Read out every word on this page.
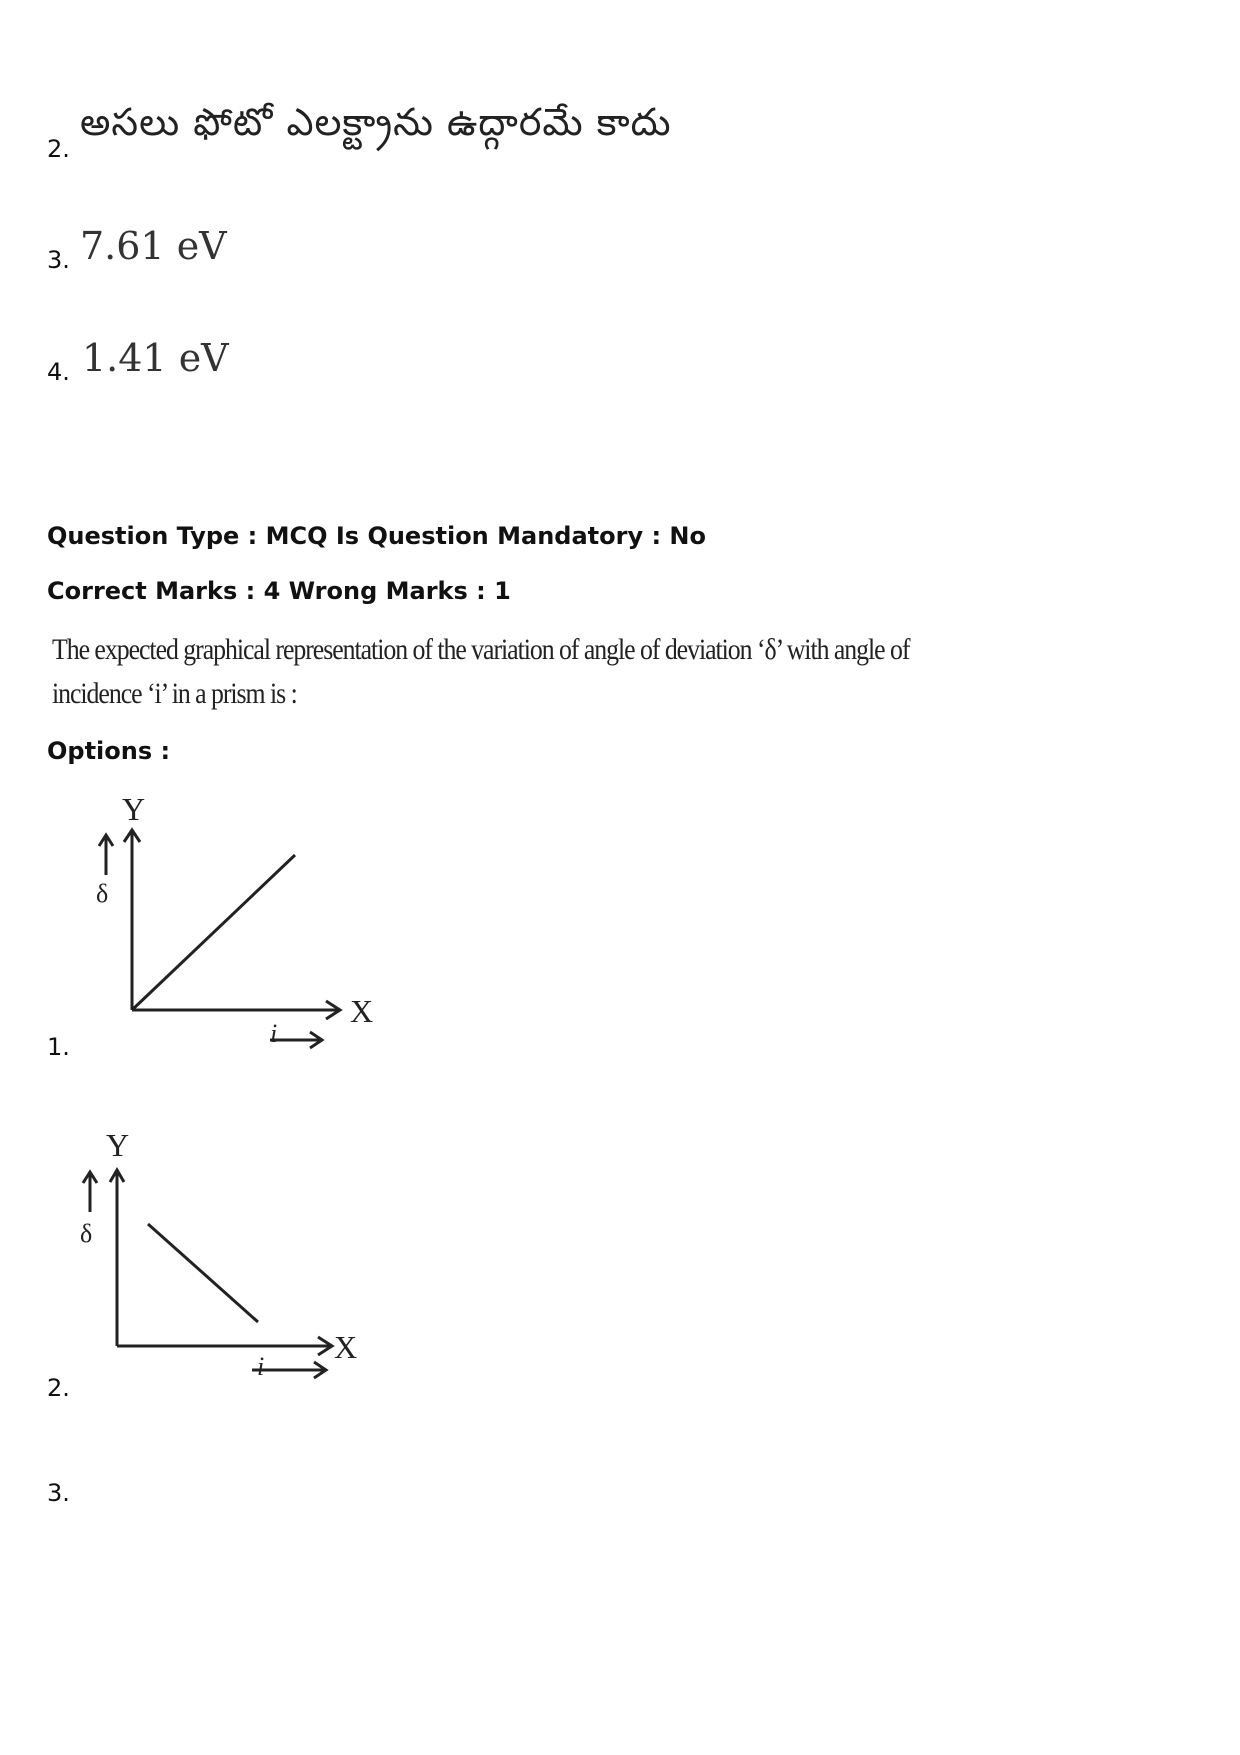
2.
అసలు ఫోటో ఎలక్ట్రాను ఉద్గారమే కాదు
3. 7.61 eV
4. 1.41 eV
Question Type : MCQ Is Question Mandatory : No
Correct Marks : 4 Wrong Marks : 1
The expected graphical representation of the variation of angle of deviation ‘δ’ with angle of incidence ‘i’ in a prism is :
Options :
Y
X
δ
i
1.
Y
X
δ
i
2.
3.
